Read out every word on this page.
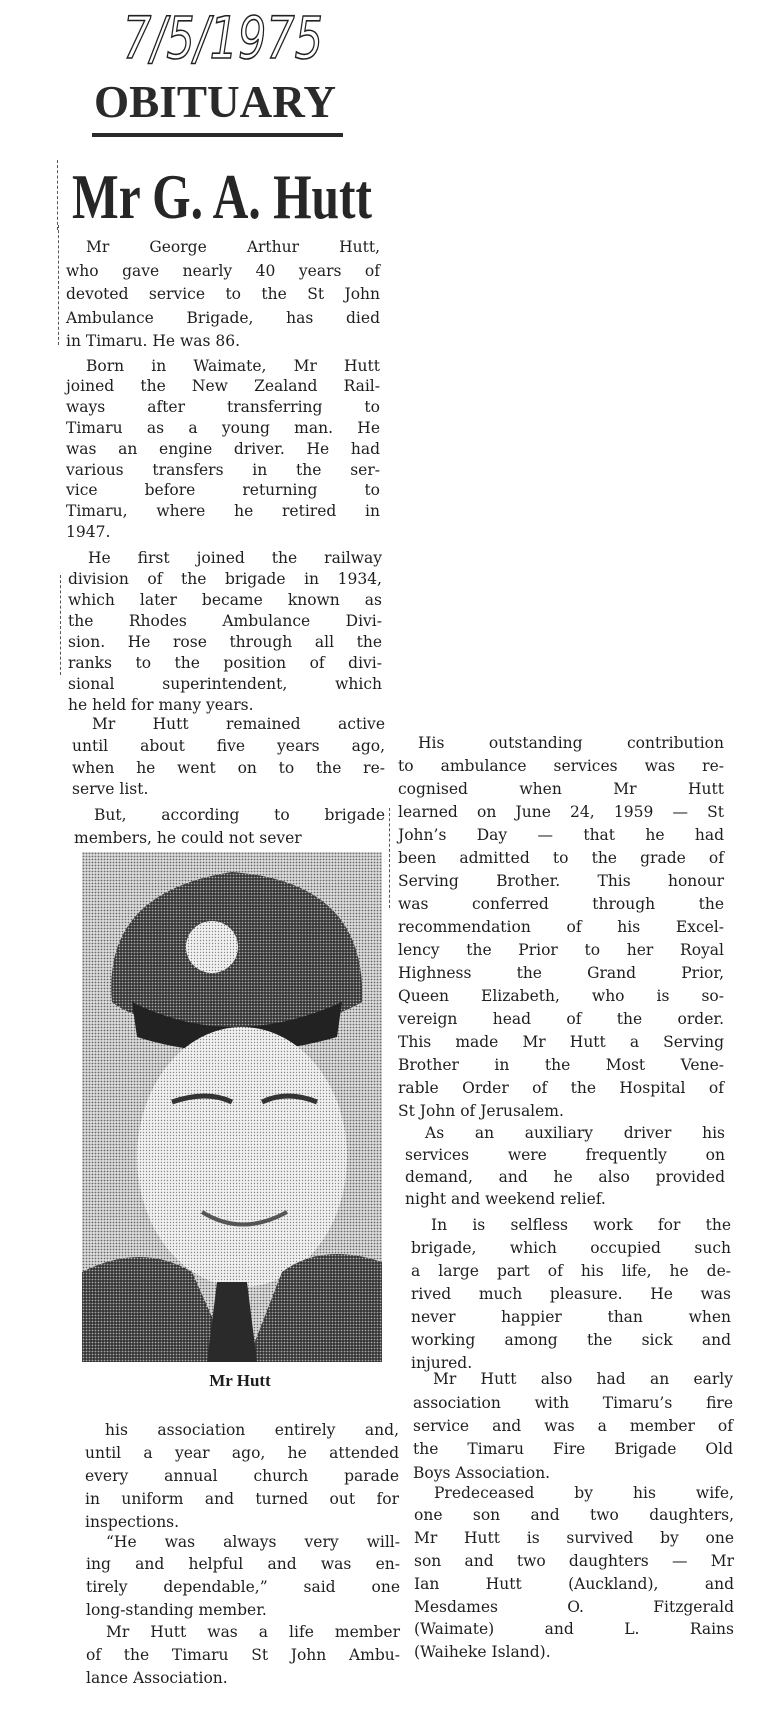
7/5/1975
OBITUARY
Mr G. A. Hutt
Mr George Arthur Hutt,
who gave nearly 40 years of
devoted service to the St John
Ambulance Brigade, has died
in Timaru. He was 86.
Born in Waimate, Mr Hutt
joined the New Zealand Rail-
ways after transferring to
Timaru as a young man. He
was an engine driver. He had
various transfers in the ser-
vice before returning to
Timaru, where he retired in
1947.
He first joined the railway
division of the brigade in 1934,
which later became known as
the Rhodes Ambulance Divi-
sion. He rose through all the
ranks to the position of divi-
sional superintendent, which
he held for many years.
Mr Hutt remained active
until about five years ago,
when he went on to the re-
serve list.
But, according to brigade
members, he could not sever
his association entirely and,
until a year ago, he attended
every annual church parade
in uniform and turned out for
inspections.
“He was always very will-
ing and helpful and was en-
tirely dependable,” said one
long-standing member.
Mr Hutt was a life member
of the Timaru St John Ambu-
lance Association.
His outstanding contribution
to ambulance services was re-
cognised when Mr Hutt
learned on June 24, 1959 — St
John’s Day — that he had
been admitted to the grade of
Serving Brother. This honour
was conferred through the
recommendation of his Excel-
lency the Prior to her Royal
Highness the Grand Prior,
Queen Elizabeth, who is so-
vereign head of the order.
This made Mr Hutt a Serving
Brother in the Most Vene-
rable Order of the Hospital of
St John of Jerusalem.
As an auxiliary driver his
services were frequently on
demand, and he also provided
night and weekend relief.
In is selfless work for the
brigade, which occupied such
a large part of his life, he de-
rived much pleasure. He was
never happier than when
working among the sick and
injured.
Mr Hutt also had an early
association with Timaru’s fire
service and was a member of
the Timaru Fire Brigade Old
Boys Association.
Predeceased by his wife,
one son and two daughters,
Mr Hutt is survived by one
son and two daughters — Mr
Ian Hutt (Auckland), and
Mesdames O. Fitzgerald
(Waimate) and L. Rains
(Waiheke Island).
Mr Hutt
